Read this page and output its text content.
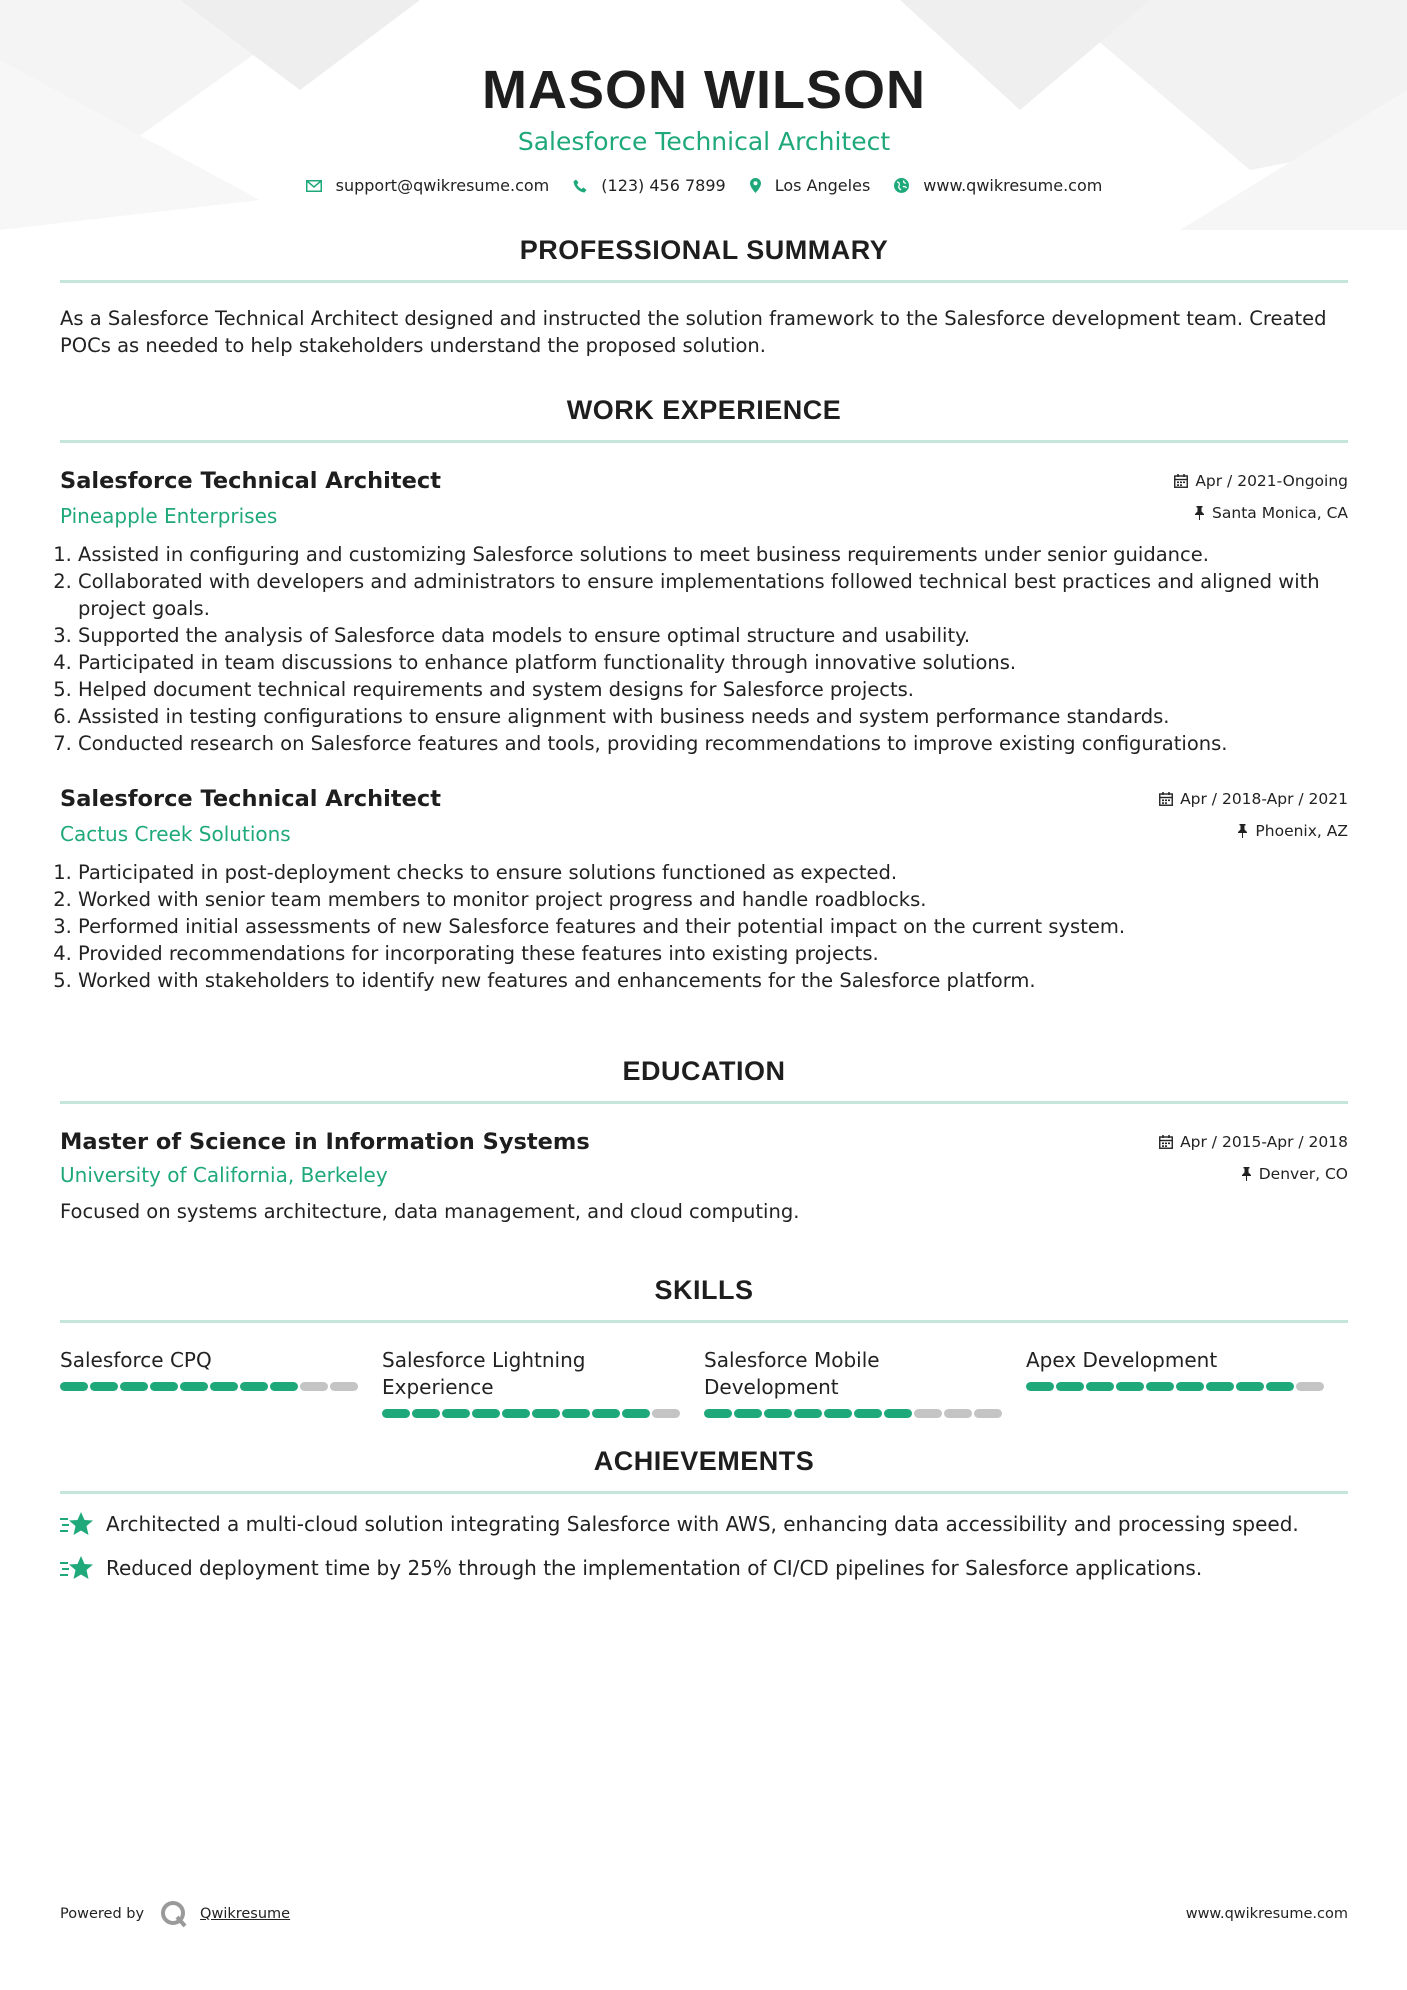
MASON WILSON
Salesforce Technical Architect
support@qwikresume.com	(123) 456 7899	Los Angeles	www.qwikresume.com
PROFESSIONAL SUMMARY

As a Salesforce Technical Architect designed and instructed the solution framework to the Salesforce development team. Created POCs as needed to help stakeholders understand the proposed solution.

WORK EXPERIENCE
Salesforce Technical Architect
Pineapple Enterprises
Apr / 2021-Ongoing
Santa Monica, CA
1. Assisted in configuring and customizing Salesforce solutions to meet business requirements under senior guidance.
2. Collaborated with developers and administrators to ensure implementations followed technical best practices and aligned with project goals.
3. Supported the analysis of Salesforce data models to ensure optimal structure and usability.
4. Participated in team discussions to enhance platform functionality through innovative solutions.
5. Helped document technical requirements and system designs for Salesforce projects.
6. Assisted in testing configurations to ensure alignment with business needs and system performance standards.
7. Conducted research on Salesforce features and tools, providing recommendations to improve existing configurations.
Salesforce Technical Architect
Cactus Creek Solutions
Apr / 2018-Apr / 2021
Phoenix, AZ
1. Participated in post-deployment checks to ensure solutions functioned as expected.
2. Worked with senior team members to monitor project progress and handle roadblocks.
3. Performed initial assessments of new Salesforce features and their potential impact on the current system.
4. Provided recommendations for incorporating these features into existing projects.
5. Worked with stakeholders to identify new features and enhancements for the Salesforce platform.
EDUCATION
Master of Science in Information Systems
University of California, Berkeley
Apr / 2015-Apr / 2018
Denver, CO

Focused on systems architecture, data management, and cloud computing.

SKILLS
Salesforce CPQ	Salesforce Lightning Experience
Salesforce Mobile Development
Apex Development
ACHIEVEMENTS
Architected a multi-cloud solution integrating Salesforce with AWS, enhancing data accessibility and processing speed.
Reduced deployment time by 25% through the implementation of CI/CD pipelines for Salesforce applications.
Powered by	Qwikresume	www.qwikresume.com
